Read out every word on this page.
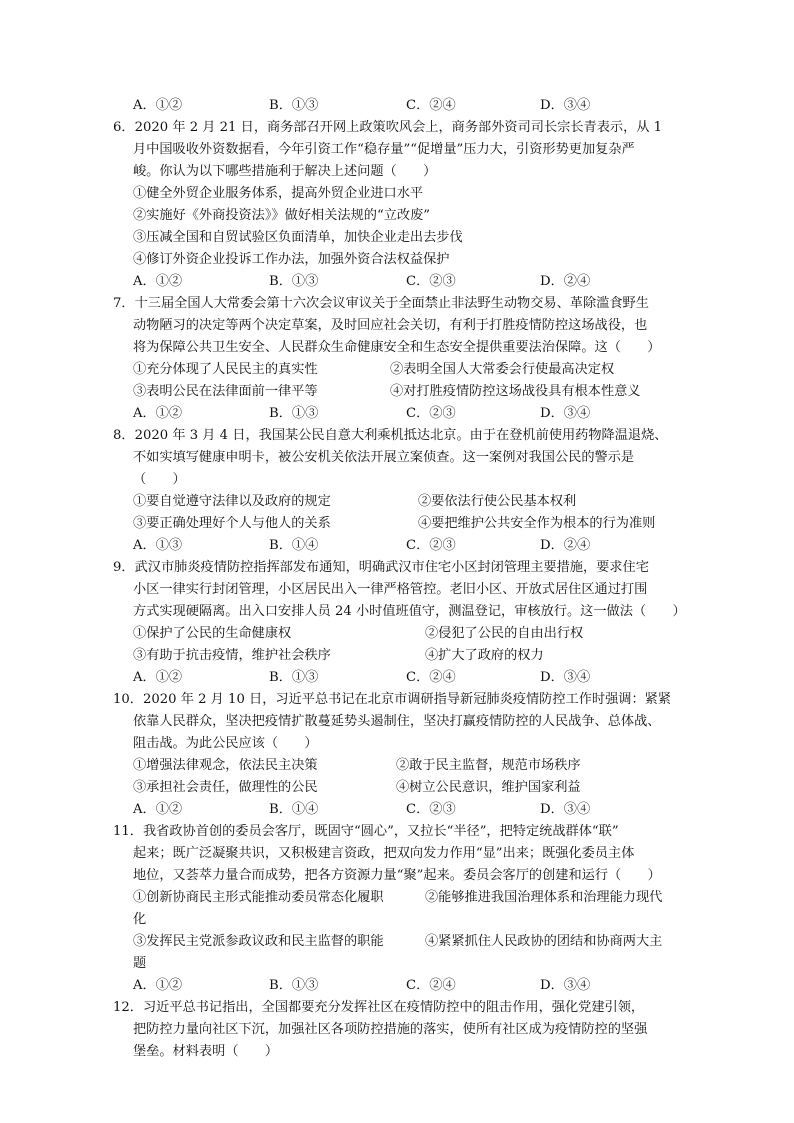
A．①②	B．①③	C．②④	D．③④
6．2020 年 2 月 21 日，商务部召开网上政策吹风会上，商务部外资司司长宗长青表示，从 1
月中国吸收外资数据看，今年引资工作“稳存量”“促增量”压力大，引资形势更加复杂严
峻。你认为以下哪些措施利于解决上述问题（　　）
①健全外贸企业服务体系，提高外贸企业进口水平
②实施好《外商投资法》》做好相关法规的“立改废”
③压减全国和自贸试验区负面清单，加快企业走出去步伐
④修订外资企业投诉工作办法，加强外资合法权益保护
A．①②	B．①③	C．②③	D．②④
7．十三届全国人大常委会第十六次会议审议关于全面禁止非法野生动物交易、革除滥食野生
动物陋习的决定等两个决定草案，及时回应社会关切，有利于打胜疫情防控这场战役，也
将为保障公共卫生安全、人民群众生命健康安全和生态安全提供重要法治保障。这（　　）
①充分体现了人民民主的真实性	②表明全国人大常委会行使最高决定权
③表明公民在法律面前一律平等	④对打胜疫情防控这场战役具有根本性意义
A．①②	B．①③	C．②③	D．③④
8．2020 年 3 月 4 日，我国某公民自意大利乘机抵达北京。由于在登机前使用药物降温退烧、
不如实填写健康申明卡，被公安机关依法开展立案侦查。这一案例对我国公民的警示是
（　　）
①要自觉遵守法律以及政府的规定	②要依法行使公民基本权利
③要正确处理好个人与他人的关系	④要把维护公共安全作为根本的行为准则
A．①③	B．①④	C．②③	D．②④
9．武汉市肺炎疫情防控指挥部发布通知，明确武汉市住宅小区封闭管理主要措施，要求住宅
小区一律实行封闭管理，小区居民出入一律严格管控。老旧小区、开放式居住区通过打围
方式实现硬隔离。出入口安排人员 24 小时值班值守，测温登记，审核放行。这一做法（　　）
①保护了公民的生命健康权	②侵犯了公民的自由出行权
③有助于抗击疫情，维护社会秩序	④扩大了政府的权力
A．①②	B．①③	C．②④	D．③④
10．2020 年 2 月 10 日，习近平总书记在北京市调研指导新冠肺炎疫情防控工作时强调：紧紧
依靠人民群众，坚决把疫情扩散蔓延势头遏制住，坚决打赢疫情防控的人民战争、总体战、
阻击战。为此公民应该（　　）
①增强法律观念，依法民主决策	②敢于民主监督，规范市场秩序
③承担社会责任，做理性的公民	④树立公民意识，维护国家利益
A．①②	B．①④	C．②③	D．③④
11．我省政协首创的委员会客厅，既固守“圆心”，又拉长“半径”，把特定统战群体“联”
起来；既广泛凝聚共识，又积极建言资政，把双向发力作用“显”出来；既强化委员主体
地位，又荟萃力量合而成势，把各方资源力量“聚”起来。委员会客厅的创建和运行（　　）
①创新协商民主形式能推动委员常态化履职	②能够推进我国治理体系和治理能力现代
化
③发挥民主党派参政议政和民主监督的职能	④紧紧抓住人民政协的团结和协商两大主
题
A．①②	B．①③	C．②④	D．③④
12．习近平总书记指出，全国都要充分发挥社区在疫情防控中的阻击作用，强化党建引领，
把防控力量向社区下沉，加强社区各项防控措施的落实，使所有社区成为疫情防控的坚强
堡垒。材料表明（　　）
